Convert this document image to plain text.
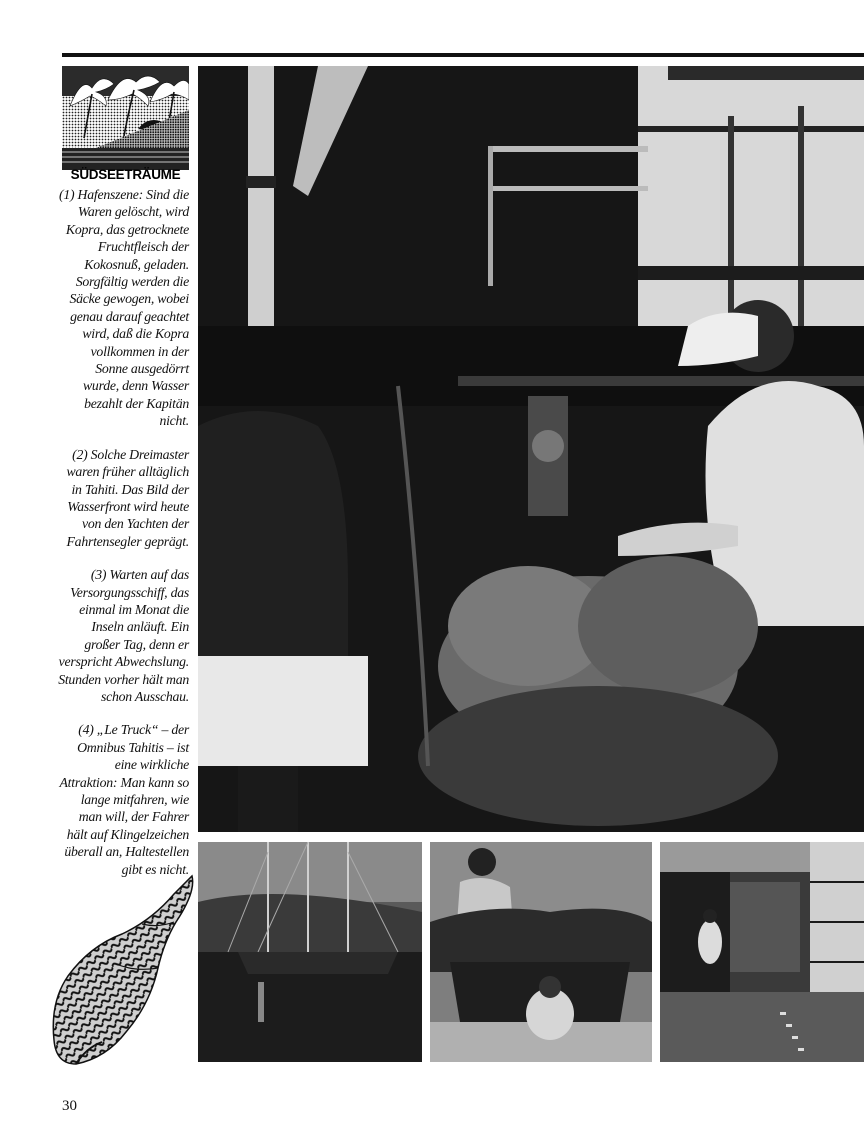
SÜDSEETRÄUME

(1) Hafenszene: Sind die Waren gelöscht, wird Kopra, das getrocknete Fruchtfleisch der Kokosnuß, geladen. Sorgfältig werden die Säcke gewogen, wobei genau darauf geachtet wird, daß die Kopra vollkommen in der Sonne ausgedörrt wurde, denn Wasser bezahlt der Kapitän nicht.

(2) Solche Dreimaster waren früher alltäglich in Tahiti. Das Bild der Wasserfront wird heute von den Yachten der Fahrtensegler geprägt.

(3) Warten auf das Versorgungsschiff, das einmal im Monat die Inseln anläuft. Ein großer Tag, denn er verspricht Abwechslung. Stunden vorher hält man schon Ausschau.

(4) „Le Truck“ – der Omnibus Tahitis – ist eine wirkliche Attraktion: Man kann so lange mitfahren, wie man will, der Fahrer hält auf Klingelzeichen überall an, Haltestellen gibt es nicht.

30
